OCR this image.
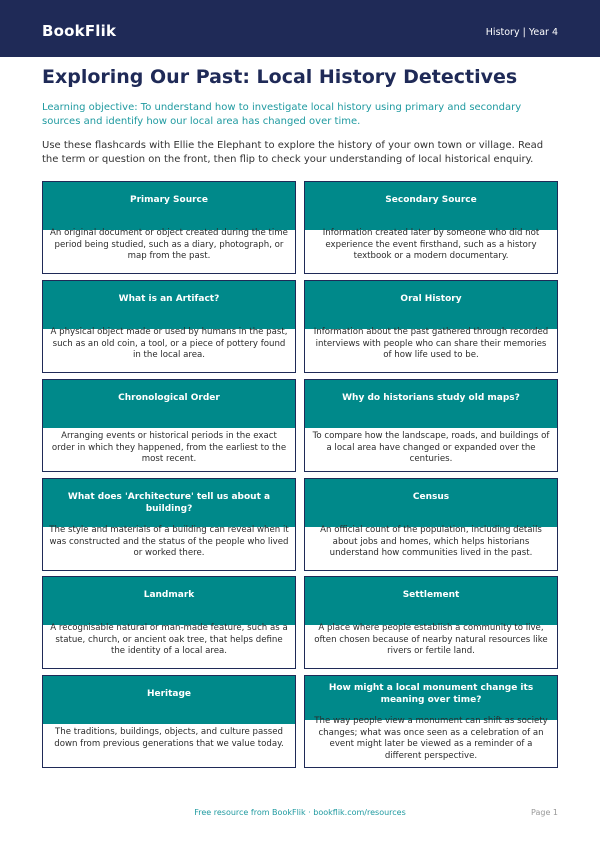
BookFlik	History | Year 4
Exploring Our Past: Local History Detectives
Learning objective: To understand how to investigate local history using primary and secondary sources and identify how our local area has changed over time.
Use these flashcards with Ellie the Elephant to explore the history of your own town or village. Read the term or question on the front, then flip to check your understanding of local historical enquiry.
Primary Source
An original document or object created during the time period being studied, such as a diary, photograph, or map from the past.
Secondary Source
Information created later by someone who did not experience the event firsthand, such as a history textbook or a modern documentary.
What is an Artifact?
A physical object made or used by humans in the past, such as an old coin, a tool, or a piece of pottery found in the local area.
Oral History
Information about the past gathered through recorded interviews with people who can share their memories of how life used to be.
Chronological Order
Arranging events or historical periods in the exact order in which they happened, from the earliest to the most recent.
Why do historians study old maps?
To compare how the landscape, roads, and buildings of a local area have changed or expanded over the centuries.
What does 'Architecture' tell us about a building?
The style and materials of a building can reveal when it was constructed and the status of the people who lived or worked there.
Census
An official count of the population, including details about jobs and homes, which helps historians understand how communities lived in the past.
Landmark
A recognisable natural or man-made feature, such as a statue, church, or ancient oak tree, that helps define the identity of a local area.
Settlement
A place where people establish a community to live, often chosen because of nearby natural resources like rivers or fertile land.
Heritage
The traditions, buildings, objects, and culture passed down from previous generations that we value today.
How might a local monument change its meaning over time?
The way people view a monument can shift as society changes; what was once seen as a celebration of an event might later be viewed as a reminder of a different perspective.
Free resource from BookFlik · bookflik.com/resources	Page 1
